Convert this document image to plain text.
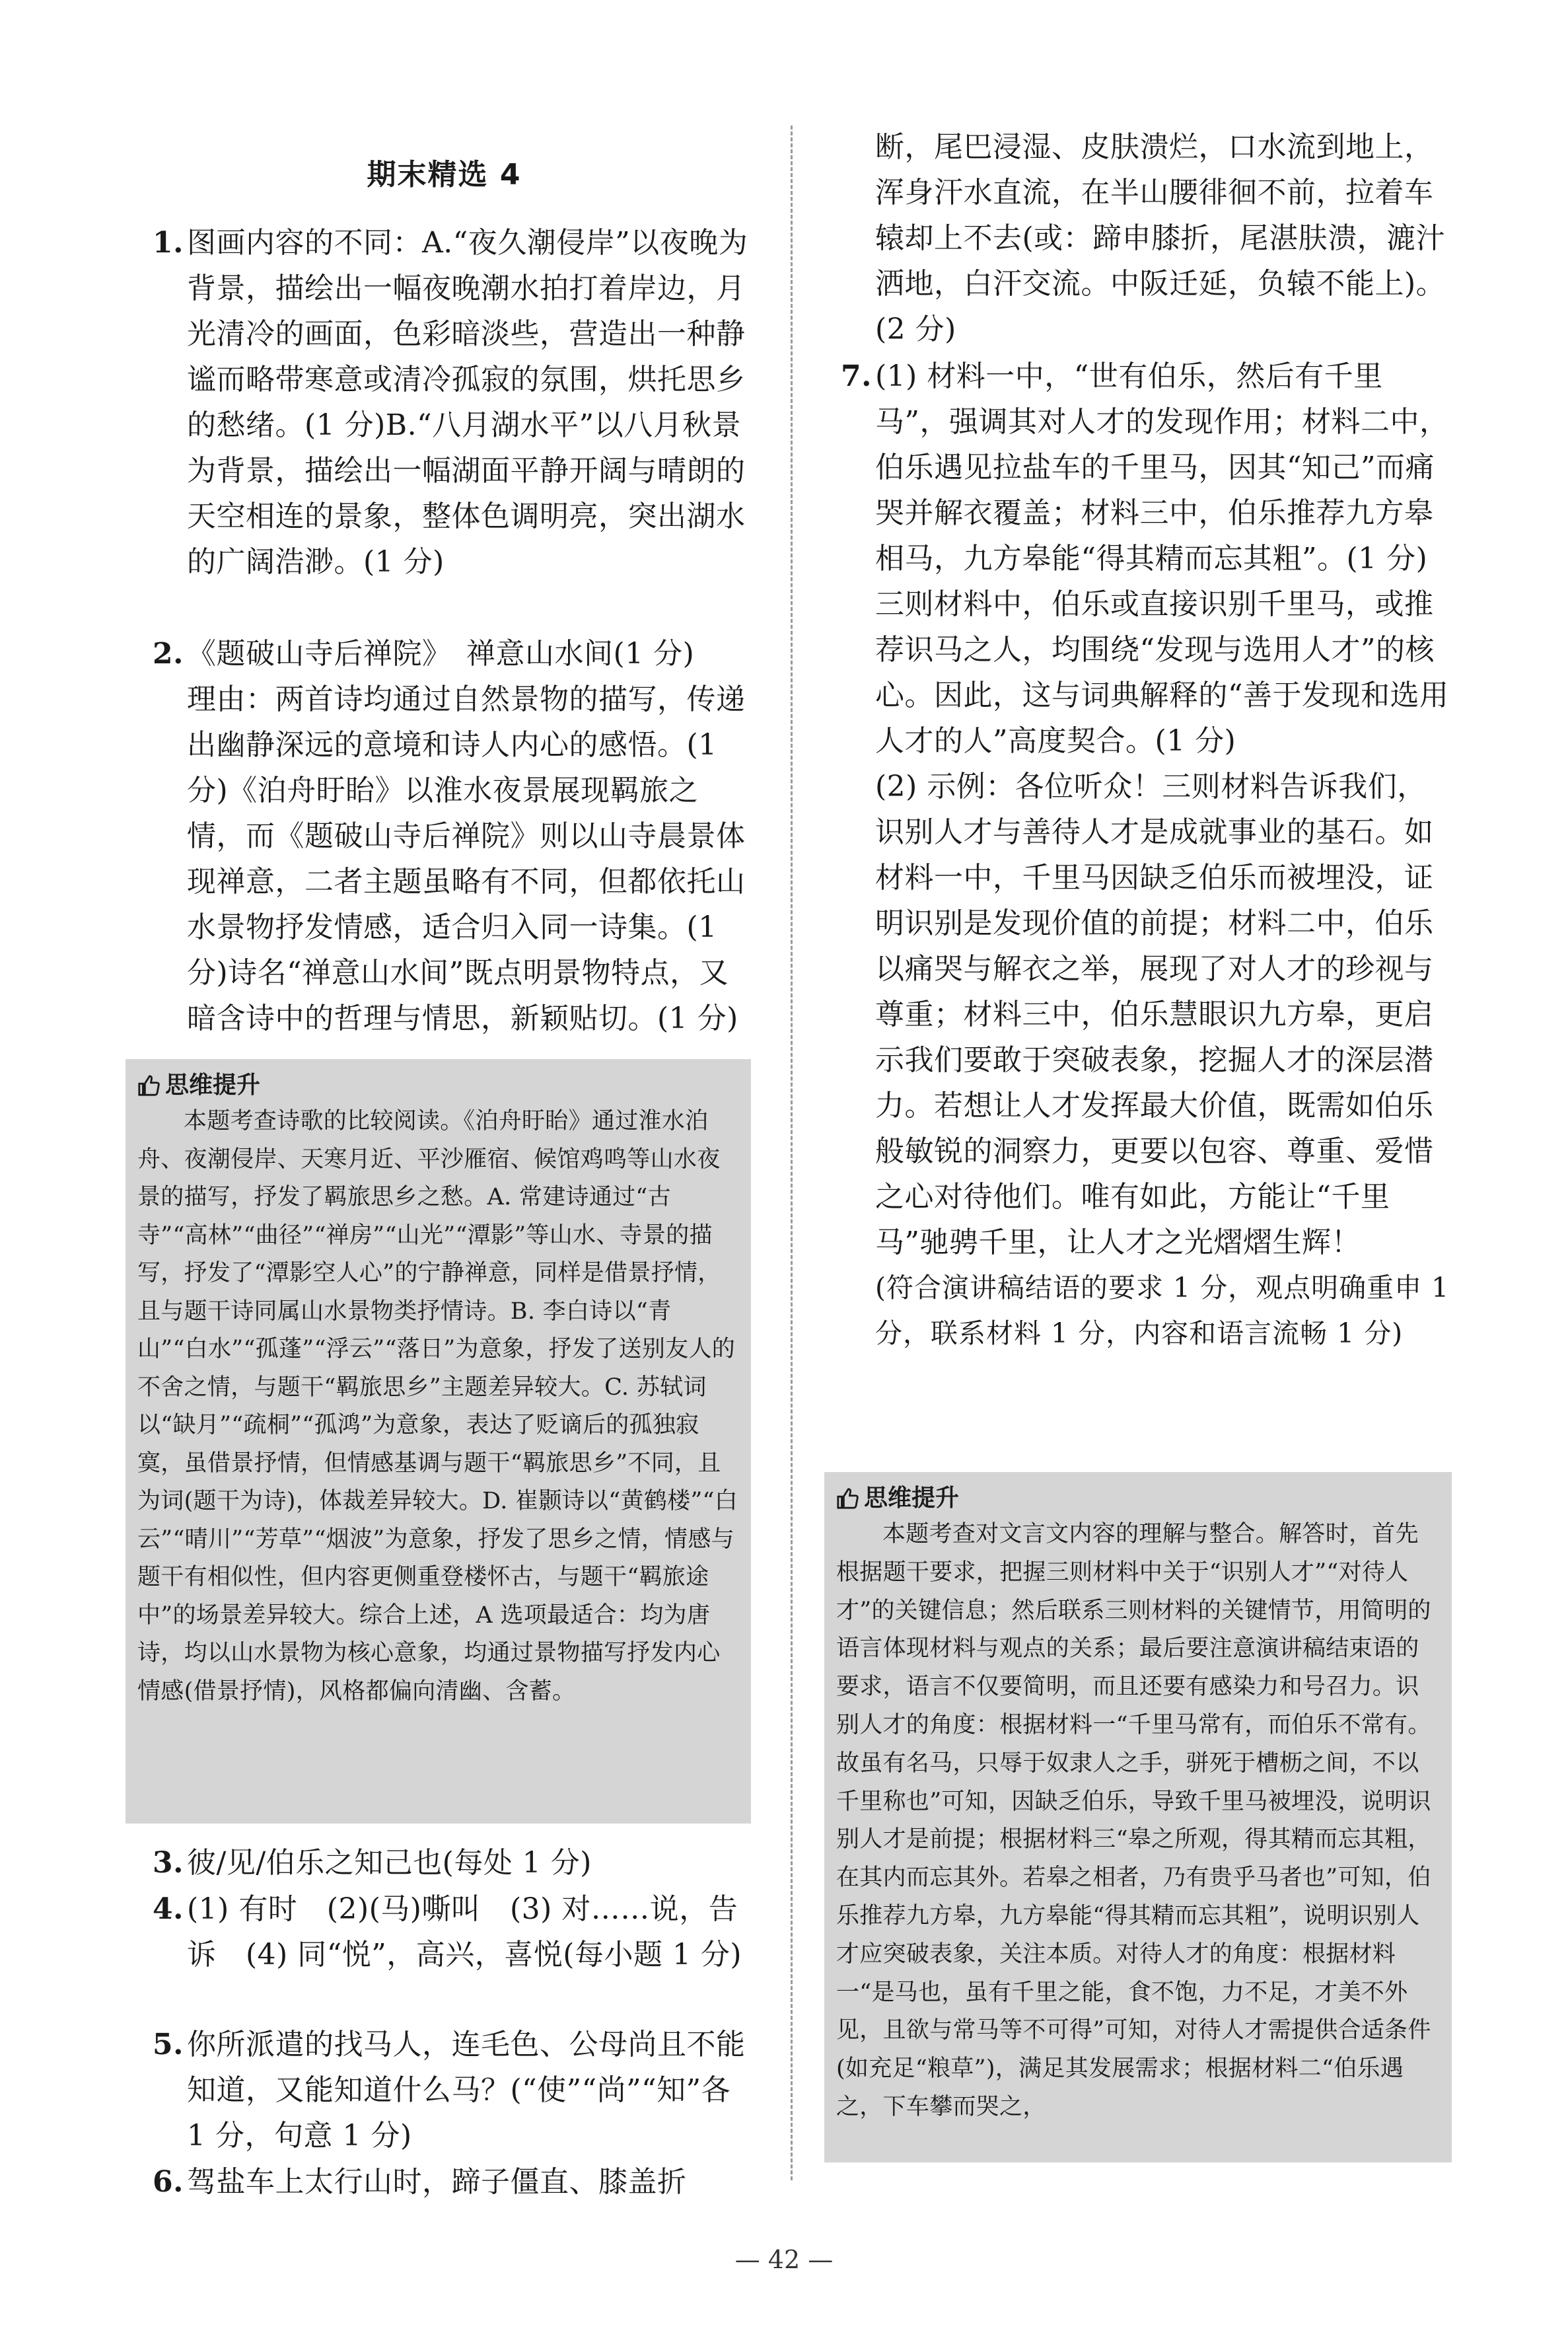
期末精选 4
1. 图画内容的不同：A.“夜久潮侵岸”以夜晚为背景，描绘出一幅夜晚潮水拍打着岸边，月光清冷的画面，色彩暗淡些，营造出一种静谧而略带寒意或清冷孤寂的氛围，烘托思乡的愁绪。(1 分)B.“八月湖水平”以八月秋景为背景，描绘出一幅湖面平静开阔与晴朗的天空相连的景象，整体色调明亮，突出湖水的广阔浩渺。(1 分)
2. 《题破山寺后禅院》　禅意山水间(1 分)
理由：两首诗均通过自然景物的描写，传递出幽静深远的意境和诗人内心的感悟。(1 分)《泊舟盱眙》以淮水夜景展现羁旅之情，而《题破山寺后禅院》则以山寺晨景体现禅意，二者主题虽略有不同，但都依托山水景物抒发情感，适合归入同一诗集。(1 分)诗名“禅意山水间”既点明景物特点，又暗含诗中的哲理与情思，新颖贴切。(1 分)
思维提升
本题考查诗歌的比较阅读。《泊舟盱眙》通过淮水泊舟、夜潮侵岸、天寒月近、平沙雁宿、候馆鸡鸣等山水夜景的描写，抒发了羁旅思乡之愁。A. 常建诗通过“古寺”“高林”“曲径”“禅房”“山光”“潭影”等山水、寺景的描写，抒发了“潭影空人心”的宁静禅意，同样是借景抒情，且与题干诗同属山水景物类抒情诗。B. 李白诗以“青山”“白水”“孤蓬”“浮云”“落日”为意象，抒发了送别友人的不舍之情，与题干“羁旅思乡”主题差异较大。C. 苏轼词以“缺月”“疏桐”“孤鸿”为意象，表达了贬谪后的孤独寂寞，虽借景抒情，但情感基调与题干“羁旅思乡”不同，且为词(题干为诗)，体裁差异较大。D. 崔颢诗以“黄鹤楼”“白云”“晴川”“芳草”“烟波”为意象，抒发了思乡之情，情感与题干有相似性，但内容更侧重登楼怀古，与题干“羁旅途中”的场景差异较大。综合上述，A 选项最适合：均为唐诗，均以山水景物为核心意象，均通过景物描写抒发内心情感(借景抒情)，风格都偏向清幽、含蓄。
3. 彼/见/伯乐之知己也(每处 1 分)
4. (1) 有时　(2)(马)嘶叫　(3) 对……说，告诉　(4) 同“悦”，高兴，喜悦(每小题 1 分)
5. 你所派遣的找马人，连毛色、公母尚且不能知道，又能知道什么马？(“使”“尚”“知”各 1 分，句意 1 分)
6. 驾盐车上太行山时，蹄子僵直、膝盖折
断，尾巴浸湿、皮肤溃烂，口水流到地上，浑身汗水直流，在半山腰徘徊不前，拉着车辕却上不去(或：蹄申膝折，尾湛肤溃，漉汁洒地，白汗交流。中阪迁延，负辕不能上)。(2 分)
7. (1) 材料一中，“世有伯乐，然后有千里马”，强调其对人才的发现作用；材料二中，伯乐遇见拉盐车的千里马，因其“知己”而痛哭并解衣覆盖；材料三中，伯乐推荐九方皋相马，九方皋能“得其精而忘其粗”。(1 分)三则材料中，伯乐或直接识别千里马，或推荐识马之人，均围绕“发现与选用人才”的核心。因此，这与词典解释的“善于发现和选用人才的人”高度契合。(1 分)
(2) 示例：各位听众！三则材料告诉我们，识别人才与善待人才是成就事业的基石。如材料一中，千里马因缺乏伯乐而被埋没，证明识别是发现价值的前提；材料二中，伯乐以痛哭与解衣之举，展现了对人才的珍视与尊重；材料三中，伯乐慧眼识九方皋，更启示我们要敢于突破表象，挖掘人才的深层潜力。若想让人才发挥最大价值，既需如伯乐般敏锐的洞察力，更要以包容、尊重、爱惜之心对待他们。唯有如此，方能让“千里马”驰骋千里，让人才之光熠熠生辉！
(符合演讲稿结语的要求 1 分，观点明确重申 1 分，联系材料 1 分，内容和语言流畅 1 分)
思维提升
本题考查对文言文内容的理解与整合。解答时，首先根据题干要求，把握三则材料中关于“识别人才”“对待人才”的关键信息；然后联系三则材料的关键情节，用简明的语言体现材料与观点的关系；最后要注意演讲稿结束语的要求，语言不仅要简明，而且还要有感染力和号召力。识别人才的角度：根据材料一“千里马常有，而伯乐不常有。故虽有名马，只辱于奴隶人之手，骈死于槽枥之间，不以千里称也”可知，因缺乏伯乐，导致千里马被埋没，说明识别人才是前提；根据材料三“皋之所观，得其精而忘其粗，在其内而忘其外。若皋之相者，乃有贵乎马者也”可知，伯乐推荐九方皋，九方皋能“得其精而忘其粗”，说明识别人才应突破表象，关注本质。对待人才的角度：根据材料一“是马也，虽有千里之能，食不饱，力不足，才美不外见，且欲与常马等不可得”可知，对待人才需提供合适条件(如充足“粮草”)，满足其发展需求；根据材料二“伯乐遇之，下车攀而哭之，
— 42 —
